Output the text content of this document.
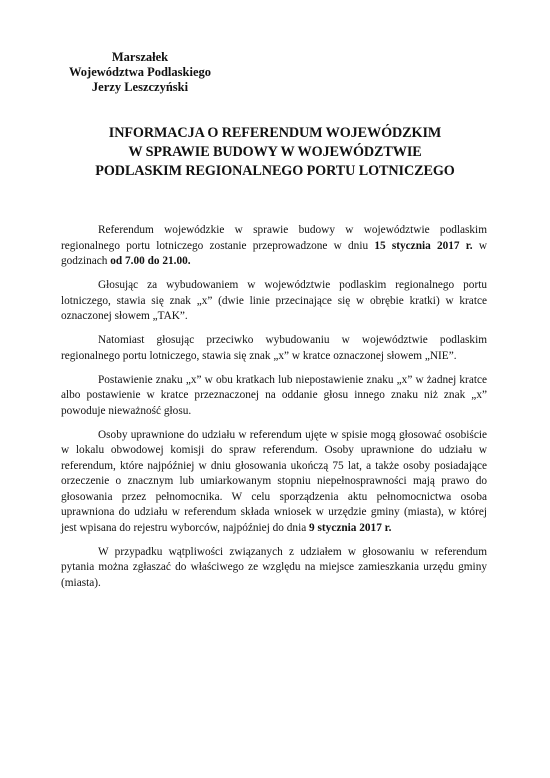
Marszałek
Województwa Podlaskiego
Jerzy Leszczyński
INFORMACJA O REFERENDUM WOJEWÓDZKIM
W SPRAWIE BUDOWY W WOJEWÓDZTWIE
PODLASKIM REGIONALNEGO PORTU LOTNICZEGO

Referendum wojewódzkie w sprawie budowy w województwie podlaskim regionalnego portu lotniczego zostanie przeprowadzone w dniu 15 stycznia 2017 r. w godzinach od 7.00 do 21.00.

Głosując za wybudowaniem w województwie podlaskim regionalnego portu lotniczego, stawia się znak „x” (dwie linie przecinające się w obrębie kratki) w kratce oznaczonej słowem „TAK”.

Natomiast głosując przeciwko wybudowaniu w województwie podlaskim regionalnego portu lotniczego, stawia się znak „x” w kratce oznaczonej słowem „NIE”.

Postawienie znaku „x” w obu kratkach lub niepostawienie znaku „x” w żadnej kratce albo postawienie w kratce przeznaczonej na oddanie głosu innego znaku niż znak „x” powoduje nieważność głosu.

Osoby uprawnione do udziału w referendum ujęte w spisie mogą głosować osobiście w lokalu obwodowej komisji do spraw referendum. Osoby uprawnione do udziału w referendum, które najpóźniej w dniu głosowania ukończą 75 lat, a także osoby posiadające orzeczenie o znacznym lub umiarkowanym stopniu niepełnosprawności mają prawo do głosowania przez pełnomocnika. W celu sporządzenia aktu pełnomocnictwa osoba uprawniona do udziału w referendum składa wniosek w urzędzie gminy (miasta), w której jest wpisana do rejestru wyborców, najpóźniej do dnia 9 stycznia 2017 r.

W przypadku wątpliwości związanych z udziałem w głosowaniu w referendum pytania można zgłaszać do właściwego ze względu na miejsce zamieszkania urzędu gminy (miasta).
